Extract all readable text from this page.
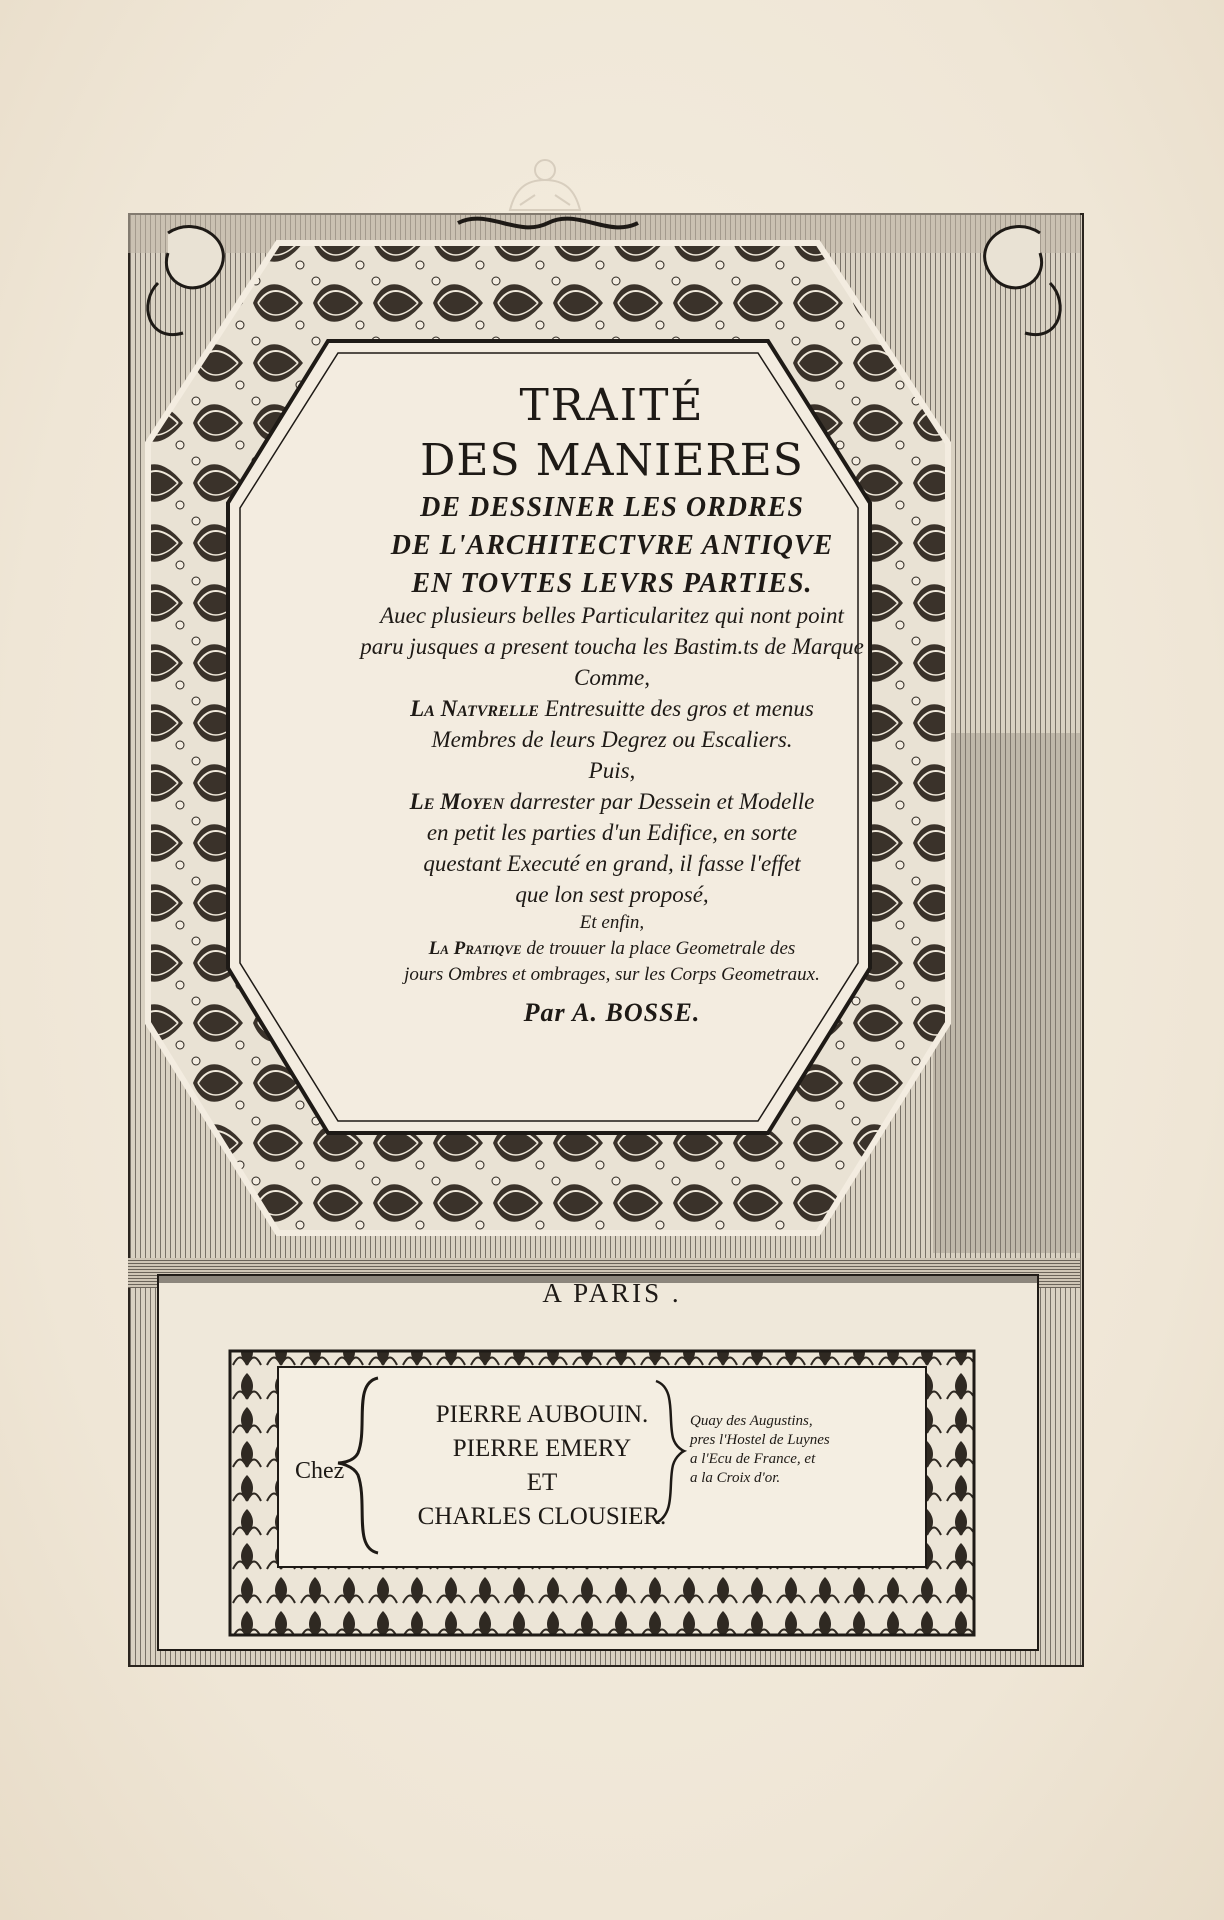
TRAITÉ
DES MANIERES
DE DESSINER LES ORDRES
DE L'ARCHITECTVRE ANTIQVE
EN TOVTES LEVRS PARTIES.
Auec plusieurs belles Particularitez qui nont point
paru jusques a present toucha les Bastim.ts de Marque
Comme,
La Natvrelle Entresuitte des gros et menus
Membres de leurs Degrez ou Escaliers.
Puis,
Le Moyen darrester par Dessein et Modelle
en petit les parties d'un Edifice, en sorte
questant Executé en grand, il fasse l'effet
que lon sest proposé,
Et enfin,
La Pratiqve de trouuer la place Geometrale des
jours Ombres et ombrages, sur les Corps Geometraux.
Par A. BOSSE.
A PARIS .
Chez
PIERRE AUBOUIN.
PIERRE EMERY
ET
CHARLES CLOUSIER.
Quay des Augustins,
pres l'Hostel de Luynes
a l'Ecu de France, et
a la Croix d'or.
